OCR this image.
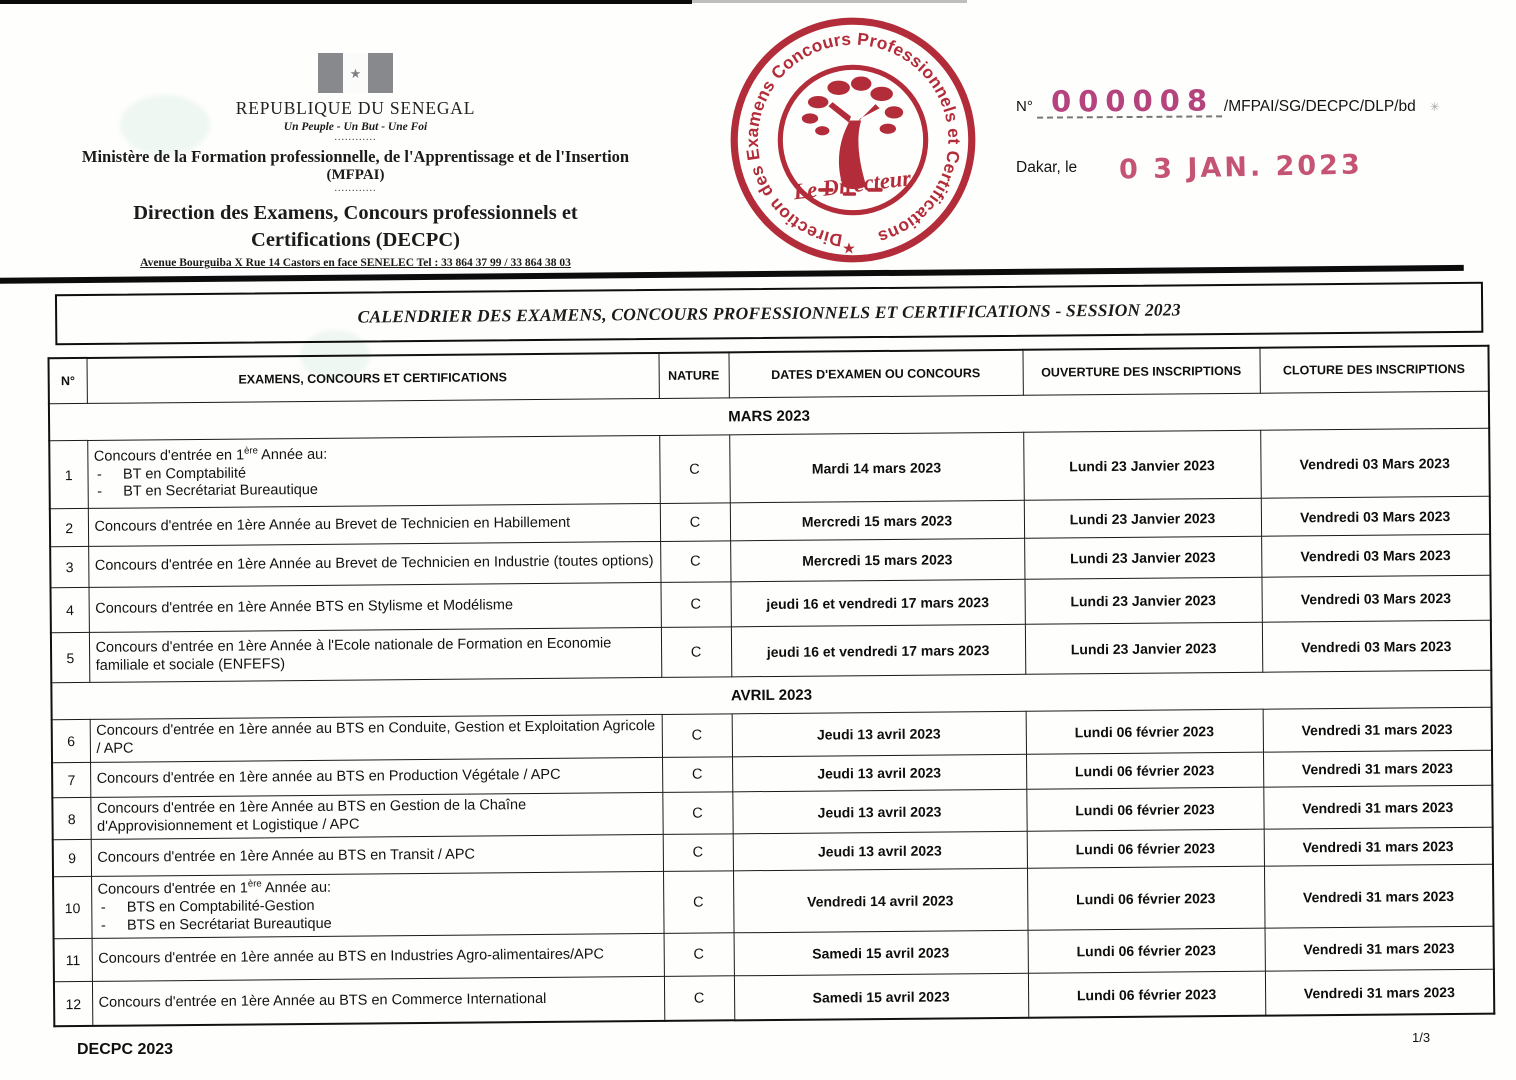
★
REPUBLIQUE DU SENEGAL
Un Peuple - Un But - Une Foi
............
Ministère de la Formation professionnelle, de l'Apprentissage et de l'Insertion
(MFPAI)
............
Direction des Examens, Concours professionnels et
Certifications (DECPC)
Avenue Bourguiba X Rue 14 Castors en face SENELEC Tel : 33 864 37 99 / 33 864 38 03
Direction des Examens Concours Professionnels et Certifications
★
Le Directeur
N° 000008 /MFPAI/SG/DECPC/DLP/bd ✳
Dakar, le 0 3 JAN. 2023
CALENDRIER DES EXAMENS, CONCOURS PROFESSIONNELS ET CERTIFICATIONS - SESSION 2023
N°	EXAMENS, CONCOURS ET CERTIFICATIONS	NATURE	DATES D'EXAMEN OU CONCOURS	OUVERTURE DES INSCRIPTIONS	CLOTURE DES INSCRIPTIONS
MARS 2023					
1	Concours d'entrée en 1ère Année au:
- BT en Comptabilité
- BT en Secrétariat Bureautique	C	Mardi 14 mars 2023	Lundi 23 Janvier 2023	Vendredi 03 Mars 2023
2	Concours d'entrée en 1ère Année au Brevet de Technicien en Habillement	C	Mercredi 15 mars 2023	Lundi 23 Janvier 2023	Vendredi 03 Mars 2023
3	Concours d'entrée en 1ère Année au Brevet de Technicien en Industrie (toutes options)	C	Mercredi 15 mars 2023	Lundi 23 Janvier 2023	Vendredi 03 Mars 2023
4	Concours d'entrée en 1ère Année BTS en Stylisme et Modélisme	C	jeudi 16 et vendredi 17 mars 2023	Lundi 23 Janvier 2023	Vendredi 03 Mars 2023
5	Concours d'entrée en 1ère Année à l'Ecole nationale de Formation en Economie familiale et sociale (ENFEFS)	C	jeudi 16 et vendredi 17 mars 2023	Lundi 23 Janvier 2023	Vendredi 03 Mars 2023
AVRIL 2023					
6	Concours d'entrée en 1ère année au BTS en Conduite, Gestion et Exploitation Agricole / APC	C	Jeudi 13 avril 2023	Lundi 06 février 2023	Vendredi 31 mars 2023
7	Concours d'entrée en 1ère année au BTS en Production Végétale / APC	C	Jeudi 13 avril 2023	Lundi 06 février 2023	Vendredi 31 mars 2023
8	Concours d'entrée en 1ère Année au BTS en Gestion de la Chaîne d'Approvisionnement et Logistique / APC	C	Jeudi 13 avril 2023	Lundi 06 février 2023	Vendredi 31 mars 2023
9	Concours d'entrée en 1ère Année au BTS en Transit / APC	C	Jeudi 13 avril 2023	Lundi 06 février 2023	Vendredi 31 mars 2023
10	Concours d'entrée en 1ère Année au:
- BTS en Comptabilité-Gestion
- BTS en Secrétariat Bureautique	C	Vendredi 14 avril 2023	Lundi 06 février 2023	Vendredi 31 mars 2023
11	Concours d'entrée en 1ère année au BTS en Industries Agro-alimentaires/APC	C	Samedi 15 avril 2023	Lundi 06 février 2023	Vendredi 31 mars 2023
12	Concours d'entrée en 1ère Année au BTS en Commerce International	C	Samedi 15 avril 2023	Lundi 06 février 2023	Vendredi 31 mars 2023
DECPC 2023
1/3
